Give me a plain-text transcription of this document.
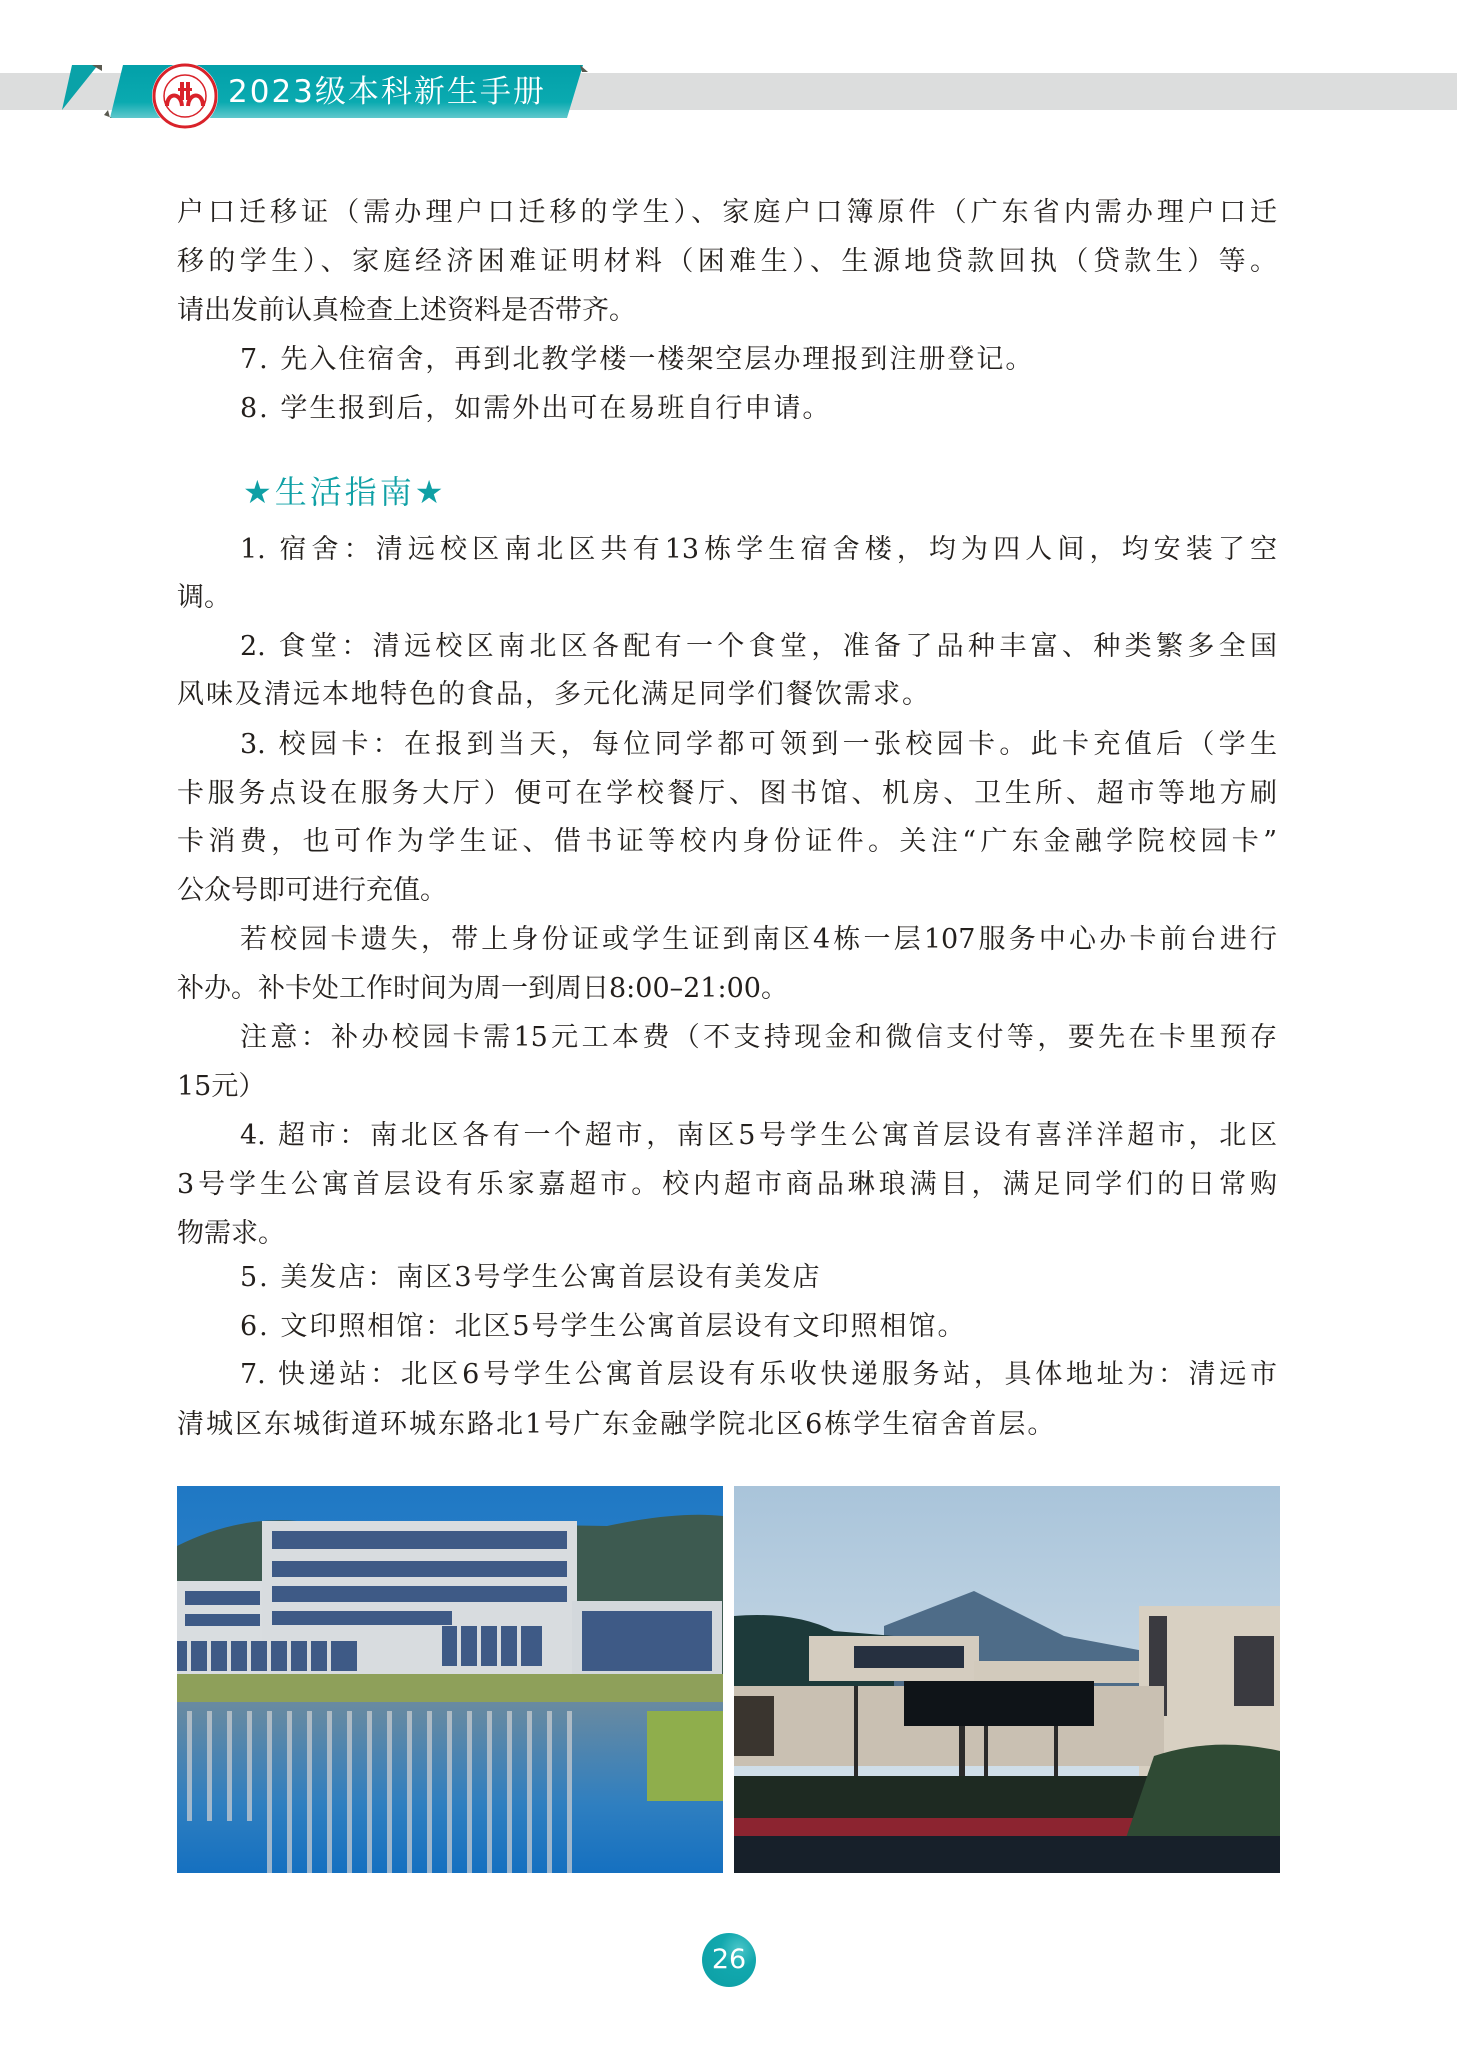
2023级本科新生手册
户口迁移证（需办理户口迁移的学生）、家庭户口簿原件（广东省内需办理户口迁
移的学生）、家庭经济困难证明材料（困难生）、生源地贷款回执（贷款生）等。
请出发前认真检查上述资料是否带齐。
7. 先入住宿舍，再到北教学楼一楼架空层办理报到注册登记。
8. 学生报到后，如需外出可在易班自行申请。
★生活指南★
1. 宿舍：清远校区南北区共有13栋学生宿舍楼，均为四人间，均安装了空
调。
2. 食堂：清远校区南北区各配有一个食堂，准备了品种丰富、种类繁多全国
风味及清远本地特色的食品，多元化满足同学们餐饮需求。
3. 校园卡：在报到当天，每位同学都可领到一张校园卡。此卡充值后（学生
卡服务点设在服务大厅）便可在学校餐厅、图书馆、机房、卫生所、超市等地方刷
卡消费，也可作为学生证、借书证等校内身份证件。关注“广东金融学院校园卡”
公众号即可进行充值。
若校园卡遗失，带上身份证或学生证到南区4栋一层107服务中心办卡前台进行
补办。补卡处工作时间为周一到周日8:00–21:00。
注意：补办校园卡需15元工本费（不支持现金和微信支付等，要先在卡里预存
15元）
4. 超市：南北区各有一个超市，南区5号学生公寓首层设有喜洋洋超市，北区
3号学生公寓首层设有乐家嘉超市。校内超市商品琳琅满目，满足同学们的日常购
物需求。
5. 美发店：南区3号学生公寓首层设有美发店
6. 文印照相馆：北区5号学生公寓首层设有文印照相馆。
7. 快递站：北区6号学生公寓首层设有乐收快递服务站，具体地址为：清远市
清城区东城街道环城东路北1号广东金融学院北区6栋学生宿舍首层。
26
